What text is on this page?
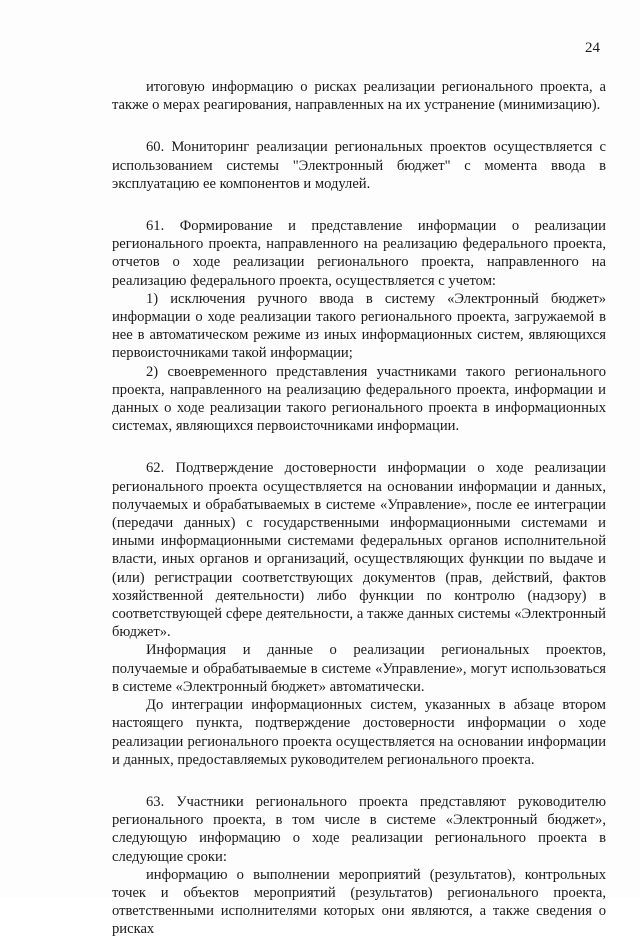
24

итоговую информацию о рисках реализации регионального проекта, а также о мерах реагирования, направленных на их устранение (минимизацию).

60. Мониторинг реализации региональных проектов осуществляется с использованием системы "Электронный бюджет" с момента ввода в эксплуатацию ее компонентов и модулей.

61. Формирование и представление информации о реализации регионального проекта, направленного на реализацию федерального проекта, отчетов о ходе реализации регионального проекта, направленного на реализацию федерального проекта, осуществляется с учетом:

1) исключения ручного ввода в систему «Электронный бюджет» информации о ходе реализации такого регионального проекта, загружаемой в нее в автоматическом режиме из иных информационных систем, являющихся первоисточниками такой информации;

2) своевременного представления участниками такого регионального проекта, направленного на реализацию федерального проекта, информации и данных о ходе реализации такого регионального проекта в информационных системах, являющихся первоисточниками информации.

62. Подтверждение достоверности информации о ходе реализации регионального проекта осуществляется на основании информации и данных, получаемых и обрабатываемых в системе «Управление», после ее интеграции (передачи данных) с государственными информационными системами и иными информационными системами федеральных органов исполнительной власти, иных органов и организаций, осуществляющих функции по выдаче и (или) регистрации соответствующих документов (прав, действий, фактов хозяйственной деятельности) либо функции по контролю (надзору) в соответствующей сфере деятельности, а также данных системы «Электронный бюджет».

Информация и данные о реализации региональных проектов, получаемые и обрабатываемые в системе «Управление», могут использоваться в системе «Электронный бюджет» автоматически.

До интеграции информационных систем, указанных в абзаце втором настоящего пункта, подтверждение достоверности информации о ходе реализации регионального проекта осуществляется на основании информации и данных, предоставляемых руководителем регионального проекта.

63. Участники регионального проекта представляют руководителю регионального проекта, в том числе в системе «Электронный бюджет», следующую информацию о ходе реализации регионального проекта в следующие сроки:

информацию о выполнении мероприятий (результатов), контрольных точек и объектов мероприятий (результатов) регионального проекта, ответственными исполнителями которых они являются, а также сведения о рисках
